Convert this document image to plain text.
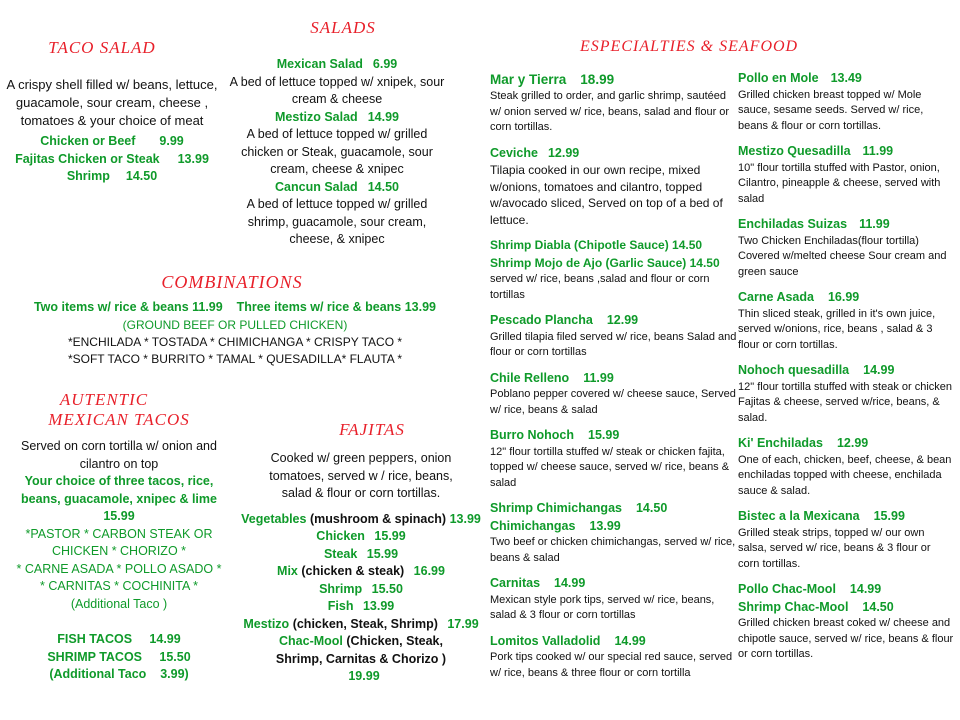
TACO SALAD

A crispy shell filled w/ beans, lettuce, guacamole, sour cream, cheese , tomatoes & your choice of meat

Chicken or Beef 9.99
Fajitas Chicken or Steak 13.99
Shrimp 14.50
SALADS
Mexican Salad 6.99

A bed of lettuce topped w/ xnipek, sour cream & cheese

Mestizo Salad 14.99

A bed of lettuce topped w/ grilled chicken or Steak, guacamole, sour cream, cheese & xnipec

Cancun Salad 14.50

A bed of lettuce topped w/ grilled shrimp, guacamole, sour cream, cheese, & xnipec

COMBINATIONS
Two items w/ rice & beans 11.99    Three items w/ rice & beans 13.99
(GROUND BEEF OR PULLED CHICKEN)
*ENCHILADA * TOSTADA * CHIMICHANGA * CRISPY TACO *
*SOFT TACO * BURRITO * TAMAL * QUESADILLA* FLAUTA *
AUTENTIC
MEXICAN TACOS

Served on corn tortilla w/ onion and cilantro on top

Your choice of three tacos, rice, beans, guacamole, xnipec & lime

15.99
*PASTOR * CARBON STEAK OR
CHICKEN * CHORIZO *
* CARNE ASADA * POLLO ASADO *
* CARNITAS * COCHINITA *
(Additional Taco )
FISH TACOS     14.99
SHRIMP TACOS     15.50
(Additional Taco    3.99)
FAJITAS

Cooked w/ green peppers, onion tomatoes, served w / rice, beans, salad & flour or corn tortillas.

Vegetables (mushroom & spinach) 13.99
Chicken 15.99
Steak 15.99
Mix (chicken & steak) 16.99
Shrimp 15.50
Fish 13.99
Mestizo (chicken, Steak, Shrimp) 17.99
Chac-Mool (Chicken, Steak, Shrimp, Carnitas & Chorizo ) 19.99
ESPECIALTIES & SEAFOOD
Mar y Tierra 18.99

Steak grilled to order, and garlic shrimp, sautéed w/ onion served w/ rice, beans, salad and flour or corn tortillas.

Ceviche 12.99

Tilapia cooked in our own recipe, mixed w/onions, tomatoes and cilantro, topped w/avocado sliced, Served on top of a bed of lettuce.

Shrimp Diabla (Chipotle Sauce) 14.50
Shrimp Mojo de Ajo (Garlic Sauce) 14.50

served w/ rice, beans ,salad and flour or corn tortillas

Pescado Plancha 12.99

Grilled tilapia filed served w/ rice, beans Salad and flour or corn tortillas

Chile Relleno 11.99

Poblano pepper covered w/ cheese sauce, Served w/ rice, beans & salad

Burro Nohoch 15.99

12" flour tortilla stuffed w/ steak or chicken fajita, topped w/ cheese sauce, served w/ rice, beans & salad

Shrimp Chimichangas 14.50
Chimichangas 13.99

Two beef or chicken chimichangas, served w/ rice, beans & salad

Carnitas 14.99

Mexican style pork tips, served w/ rice, beans, salad & 3 flour or corn tortillas

Lomitos Valladolid 14.99

Pork tips cooked w/ our special red sauce, served w/ rice, beans & three flour or corn tortilla

Pollo en Mole 13.49

Grilled chicken breast topped w/ Mole sauce, sesame seeds. Served w/ rice, beans & flour or corn tortillas.

Mestizo Quesadilla 11.99

10" flour tortilla stuffed with Pastor, onion, Cilantro, pineapple & cheese, served with salad

Enchiladas Suizas 11.99

Two Chicken Enchiladas(flour tortilla) Covered w/melted cheese Sour cream and green sauce

Carne Asada 16.99

Thin sliced steak, grilled in it's own juice, served w/onions, rice, beans , salad & 3 flour or corn tortillas.

Nohoch quesadilla 14.99

12" flour tortilla stuffed with steak or chicken Fajitas & cheese, served w/rice, beans, & salad.

Ki' Enchiladas 12.99

One of each, chicken, beef, cheese, & bean enchiladas topped with cheese, enchilada sauce & salad.

Bistec a la Mexicana 15.99

Grilled steak strips, topped w/ our own salsa, served w/ rice, beans & 3 flour or corn tortillas.

Pollo Chac-Mool 14.99
Shrimp Chac-Mool 14.50

Grilled chicken breast coked w/ cheese and chipotle sauce, served w/ rice, beans & flour or corn tortillas.
